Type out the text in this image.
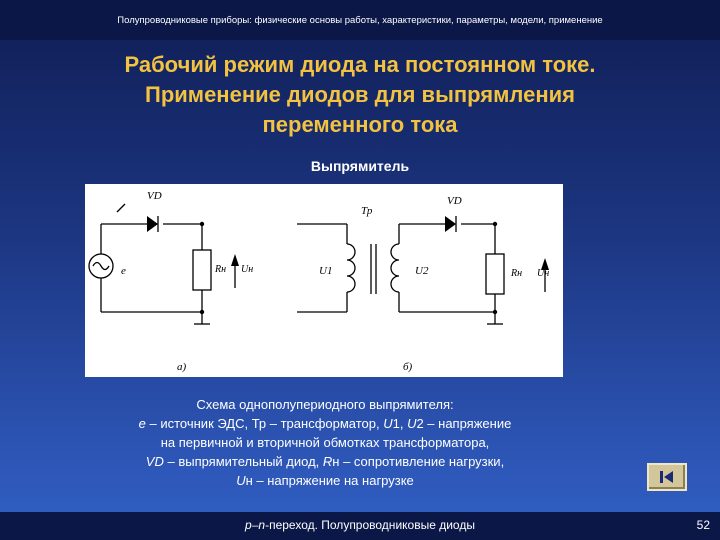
Полупроводниковые приборы: физические основы работы, характеристики, параметры, модели, применение
Рабочий режим диода на постоянном токе.
Применение диодов для выпрямления
переменного тока
Выпрямитель
VD
e	Rн Uн
а)
Тр
VD
U1	U2	Rн Uн
б)
Схема однополупериодного выпрямителя:
e – источник ЭДС, Тр – трансформатор, U1, U2 – напряжение
на первичной и вторичной обмотках трансформатора,
VD – выпрямительный диод, Rн – сопротивление нагрузки,
Uн – напряжение на нагрузке
p–n-переход. Полупроводниковые диоды	52
